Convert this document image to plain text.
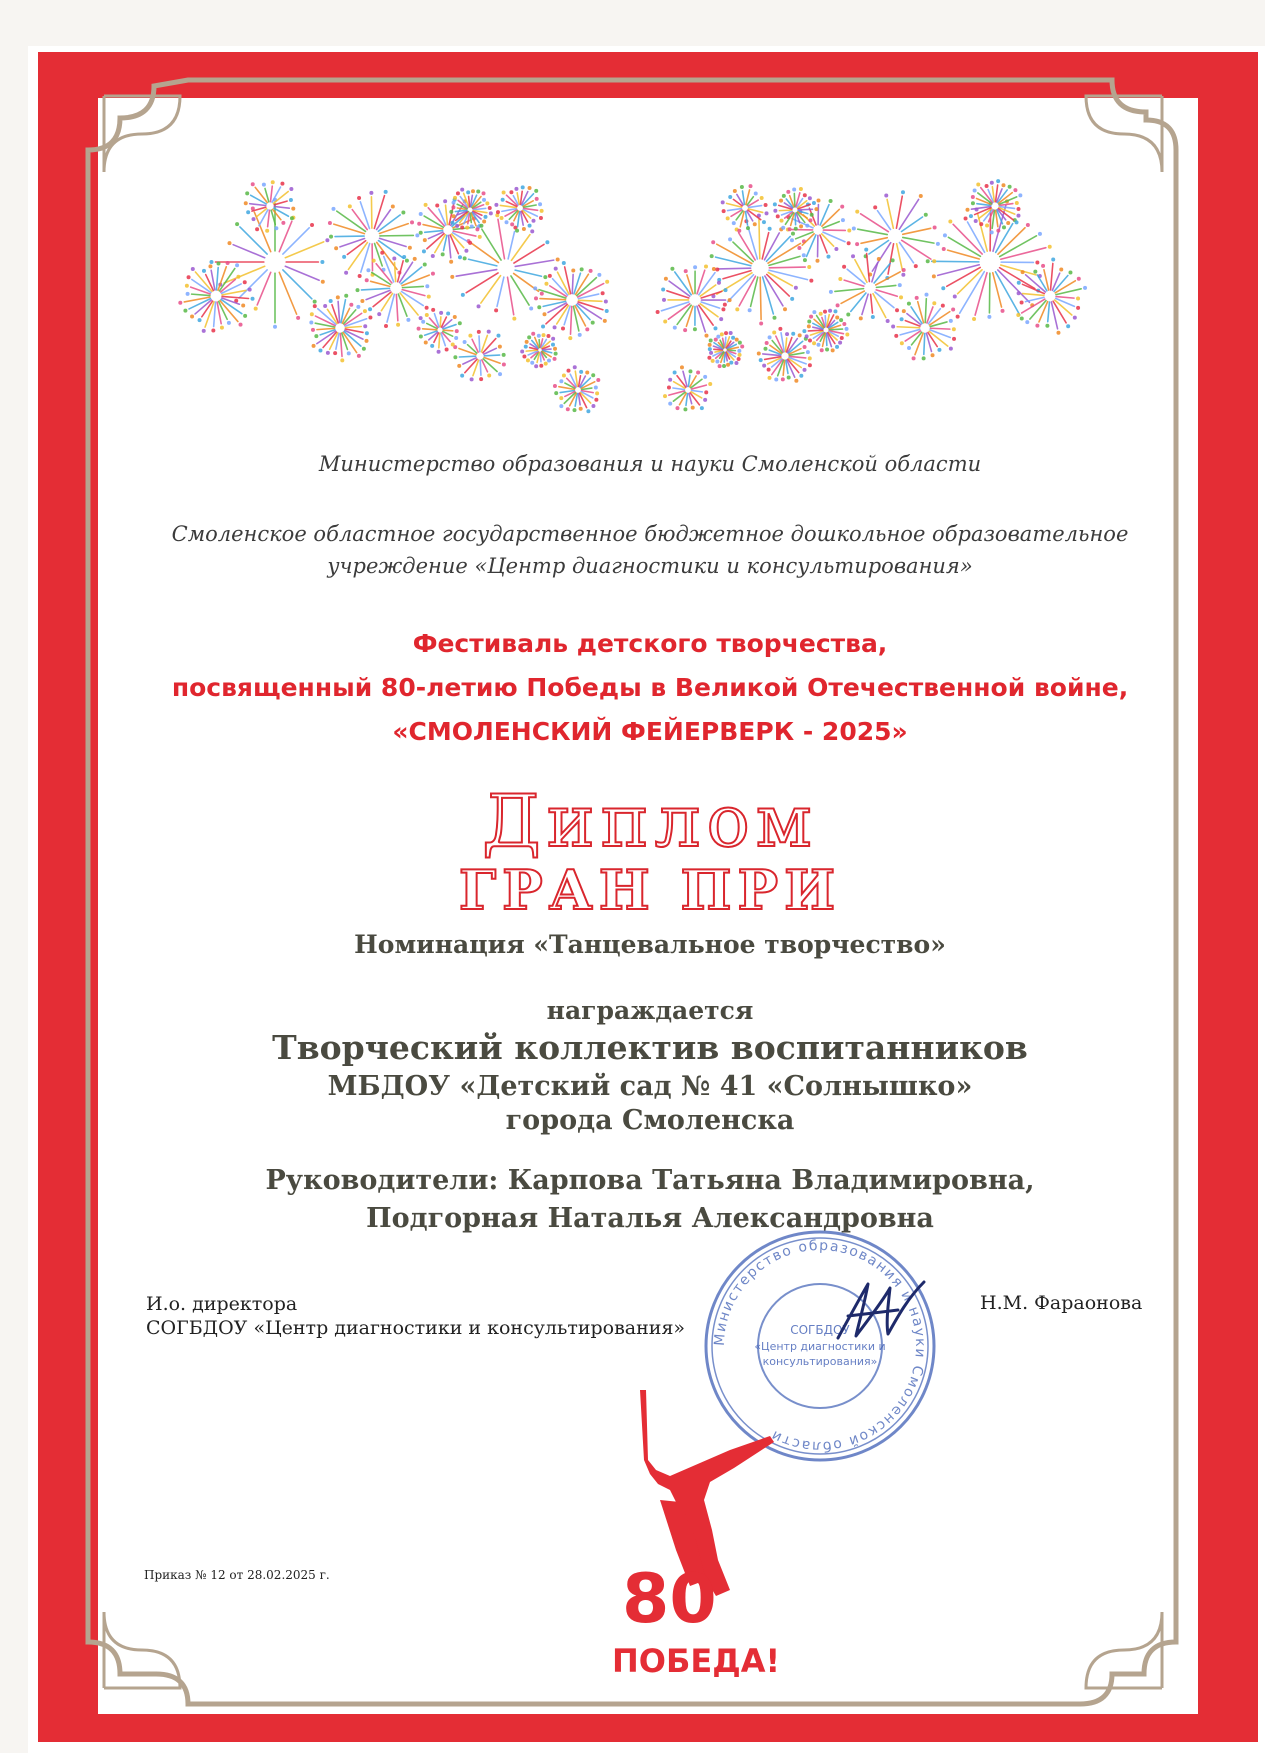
Министерство образования и науки Смоленской области
Смоленское областное государственное бюджетное дошкольное образовательное
учреждение «Центр диагностики и консультирования»
Фестиваль детского творчества,
посвященный 80-летию Победы в Великой Отечественной войне,
«СМОЛЕНСКИЙ ФЕЙЕРВЕРК - 2025»
Диплом
ГРАН ПРИ
Номинация «Танцевальное творчество»
награждается
Творческий коллектив воспитанников
МБДОУ «Детский сад № 41 «Солнышко»
города Смоленска
Руководители: Карпова Татьяна Владимировна,
Подгорная Наталья Александровна
И.о. директора
СОГБДОУ «Центр диагностики и консультирования»
Н.М. Фараонова
Министерство образования и науки Смоленской области
СОГБДОУ
«Центр диагностики и
консультирования»
80
ПОБЕДА!
Приказ № 12 от 28.02.2025 г.
